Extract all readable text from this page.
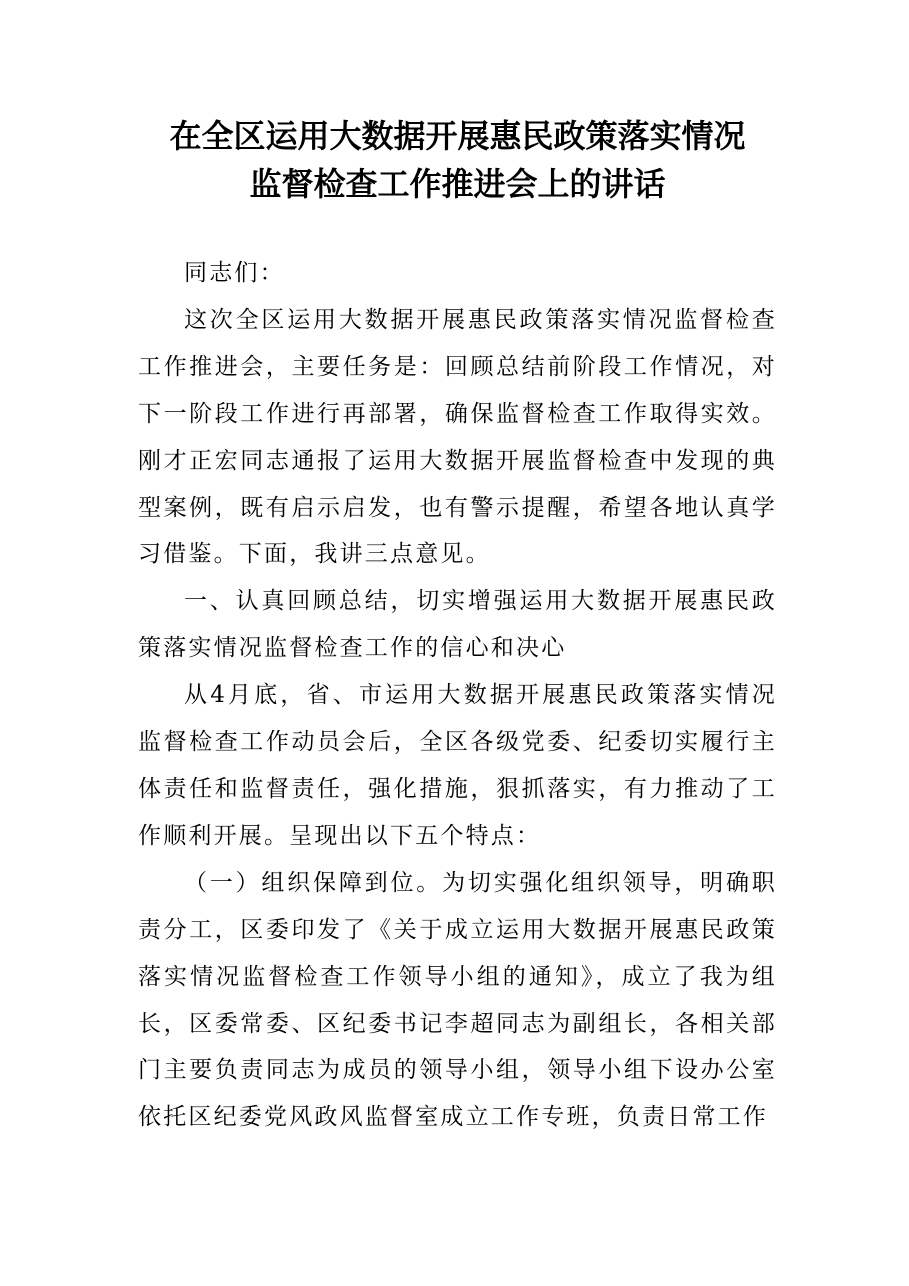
在全区运用大数据开展惠民政策落实情况
监督检查工作推进会上的讲话

同志们：

这次全区运用大数据开展惠民政策落实情况监督检查工作推进会，主要任务是：回顾总结前阶段工作情况，对下一阶段工作进行再部署，确保监督检查工作取得实效。刚才正宏同志通报了运用大数据开展监督检查中发现的典型案例，既有启示启发，也有警示提醒，希望各地认真学习借鉴。下面，我讲三点意见。

一、认真回顾总结，切实增强运用大数据开展惠民政策落实情况监督检查工作的信心和决心

从4月底，省、市运用大数据开展惠民政策落实情况监督检查工作动员会后，全区各级党委、纪委切实履行主体责任和监督责任，强化措施，狠抓落实，有力推动了工作顺利开展。呈现出以下五个特点：

（一）组织保障到位。为切实强化组织领导，明确职责分工，区委印发了《关于成立运用大数据开展惠民政策落实情况监督检查工作领导小组的通知》，成立了我为组长，区委常委、区纪委书记李超同志为副组长，各相关部门主要负责同志为成员的领导小组，领导小组下设办公室依托区纪委党风政风监督室成立工作专班，负责日常工作
